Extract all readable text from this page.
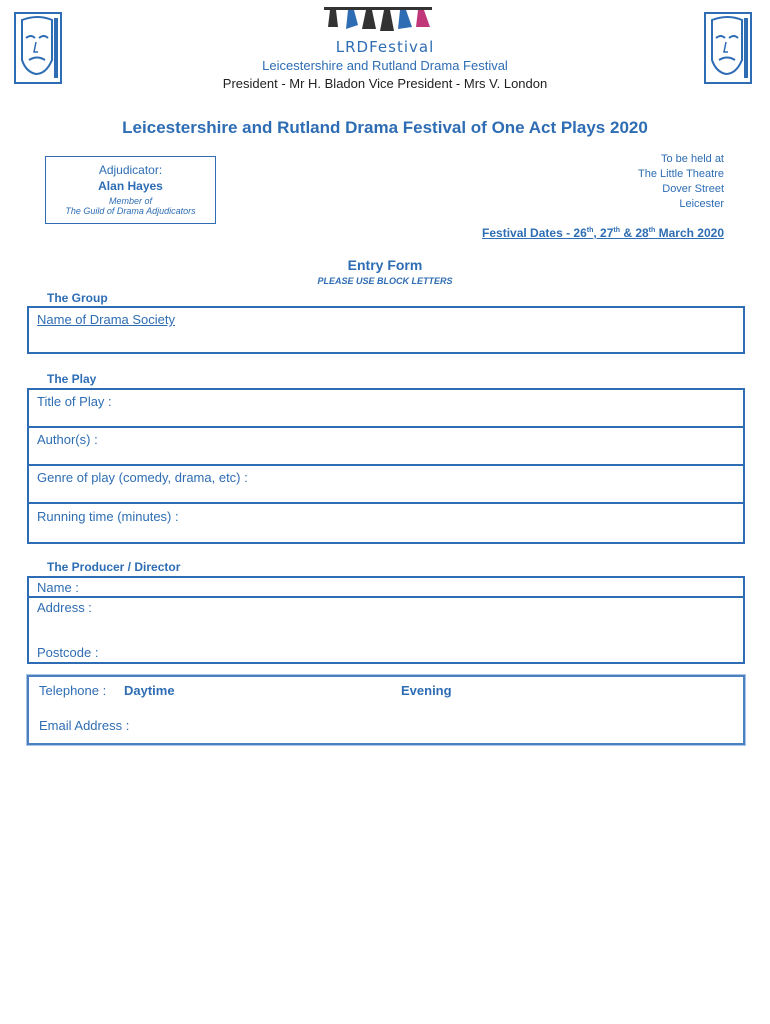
LRDFestival
Leicestershire and Rutland Drama Festival
President - Mr H. Bladon Vice President - Mrs V. London
Leicestershire and Rutland Drama Festival of One Act Plays 2020
Adjudicator:
Alan Hayes
Member of
The Guild of Drama Adjudicators
To be held at
The Little Theatre
Dover Street
Leicester
Festival Dates - 26th, 27th & 28th March 2020
Entry Form
PLEASE USE BLOCK LETTERS
The Group
Name of Drama Society
The Play
Title of Play :
Author(s) :
Genre of play (comedy, drama, etc) :
Running time (minutes) :
The Producer / Director
Name :
Address :
Postcode :
Telephone : Daytime	Evening
Email Address :
